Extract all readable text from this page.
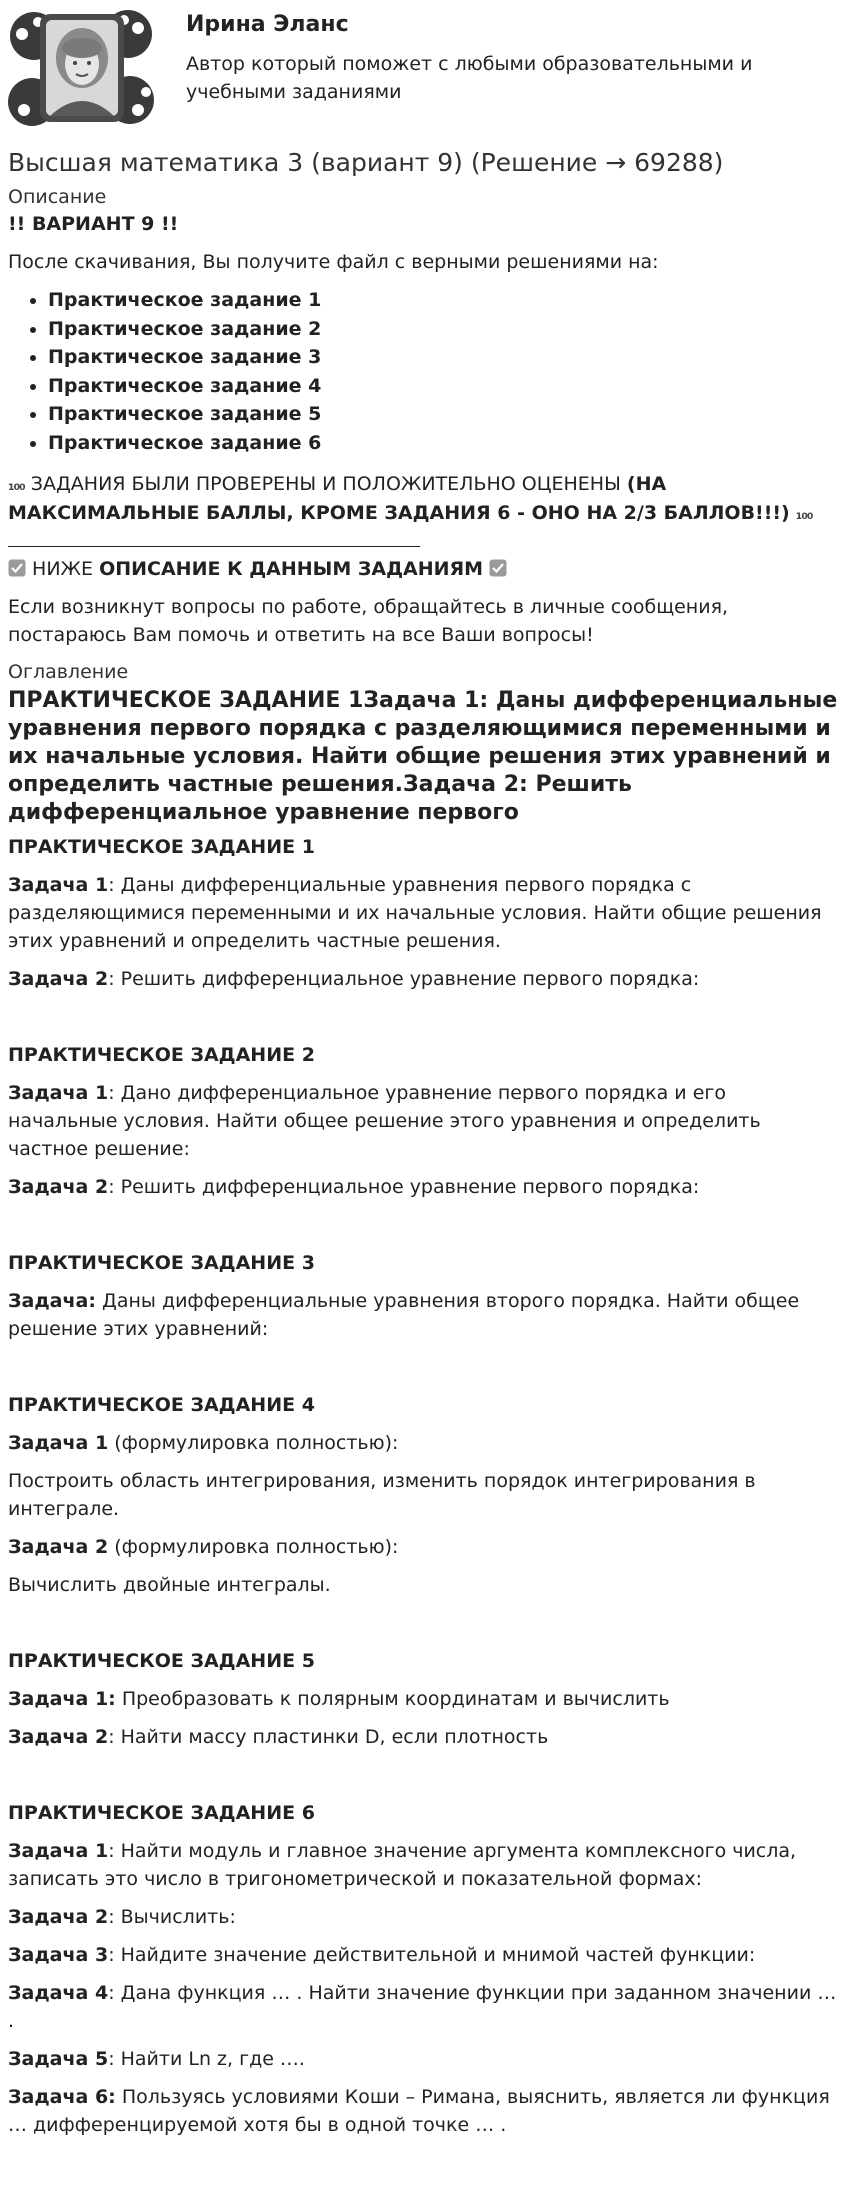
Ирина Эланс
Автор который поможет с любыми образовательными и учебными заданиями
Высшая математика 3 (вариант 9) (Решение → 69288)
Описание
!! ВАРИАНТ 9 !!

После скачивания, Вы получите файл с верными решениями на:

• Практическое задание 1
• Практическое задание 2
• Практическое задание 3
• Практическое задание 4
• Практическое задание 5
• Практическое задание 6

₁₀₀ ЗАДАНИЯ БЫЛИ ПРОВЕРЕНЫ И ПОЛОЖИТЕЛЬНО ОЦЕНЕНЫ (НА МАКСИМАЛЬНЫЕ БАЛЛЫ, КРОМЕ ЗАДАНИЯ 6 - ОНО НА 2/3 БАЛЛОВ!!!) ₁₀₀

НИЖЕ ОПИСАНИЕ К ДАННЫМ ЗАДАНИЯМ

Если возникнут вопросы по работе, обращайтесь в личные сообщения, постараюсь Вам помочь и ответить на все Ваши вопросы!

Оглавление
ПРАКТИЧЕСКОЕ ЗАДАНИЕ 1Задача 1: Даны дифференциальные уравнения первого порядка с разделяющимися переменными и их начальные условия. Найти общие решения этих уравнений и определить частные решения.Задача 2: Решить дифференциальное уравнение первого
ПРАКТИЧЕСКОЕ ЗАДАНИЕ 1

Задача 1: Даны дифференциальные уравнения первого порядка с разделяющимися переменными и их начальные условия. Найти общие решения этих уравнений и определить частные решения.

Задача 2: Решить дифференциальное уравнение первого порядка:

ПРАКТИЧЕСКОЕ ЗАДАНИЕ 2

Задача 1: Дано дифференциальное уравнение первого порядка и его начальные условия. Найти общее решение этого уравнения и определить частное решение:

Задача 2: Решить дифференциальное уравнение первого порядка:

ПРАКТИЧЕСКОЕ ЗАДАНИЕ 3

Задача: Даны дифференциальные уравнения второго порядка. Найти общее решение этих уравнений:

ПРАКТИЧЕСКОЕ ЗАДАНИЕ 4

Задача 1 (формулировка полностью):

Построить область интегрирования, изменить порядок интегрирования в интеграле.

Задача 2 (формулировка полностью):

Вычислить двойные интегралы.

ПРАКТИЧЕСКОЕ ЗАДАНИЕ 5

Задача 1: Преобразовать к полярным координатам и вычислить

Задача 2: Найти массу пластинки D, если плотность

ПРАКТИЧЕСКОЕ ЗАДАНИЕ 6

Задача 1: Найти модуль и главное значение аргумента комплексного числа, записать это число в тригонометрической и показательной формах:

Задача 2: Вычислить:

Задача 3: Найдите значение действительной и мнимой частей функции:

Задача 4: Дана функция … . Найти значение функции при заданном значении … .

Задача 5: Найти Ln z, где ….

Задача 6: Пользуясь условиями Коши – Римана, выяснить, является ли функция … дифференцируемой хотя бы в одной точке … .
